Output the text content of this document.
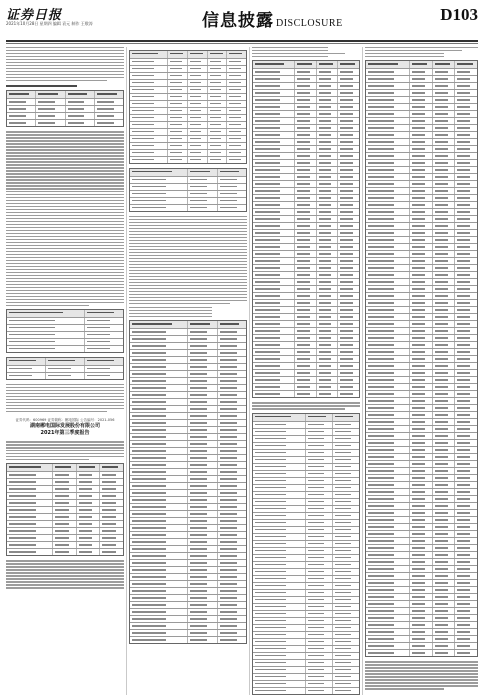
证券日报
2021年10月28日 星期四 编辑 袁元 制作 王敬涛	信息披露 DISCLOSURE	D103
证券代码：600969 证券简称：郴电国际 公告编号：2021-056
湖南郴电国际发展股份有限公司
2021年第三季度报告
